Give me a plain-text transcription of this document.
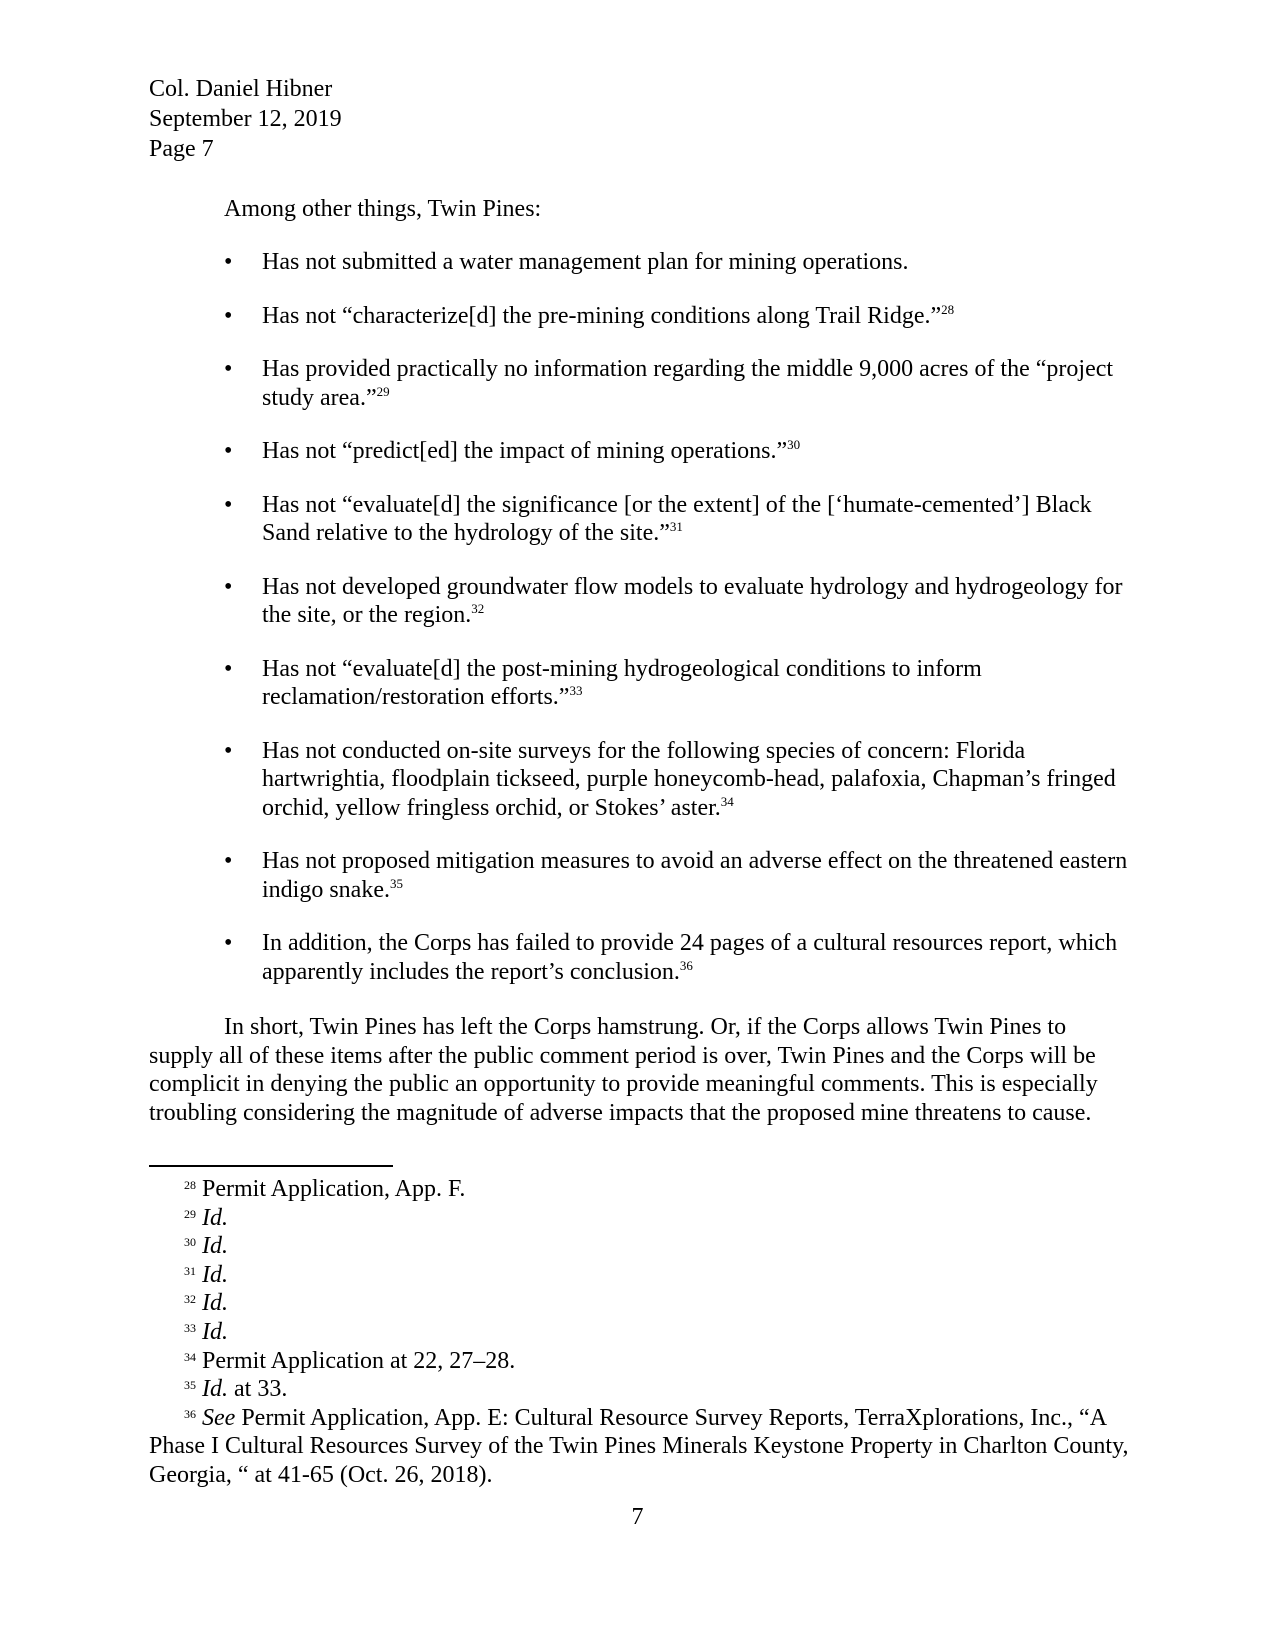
Col. Daniel Hibner
September 12, 2019
Page 7
Among other things, Twin Pines:
• Has not submitted a water management plan for mining operations.
• Has not “characterize[d] the pre-mining conditions along Trail Ridge.”$^{28}$
• Has provided practically no information regarding the middle 9,000 acres of the “project study area.”$^{29}$
• Has not “predict[ed] the impact of mining operations.”$^{30}$
• Has not “evaluate[d] the significance [or the extent] of the [‘humate-cemented’] Black Sand relative to the hydrology of the site.”$^{31}$
• Has not developed groundwater flow models to evaluate hydrology and hydrogeology for the site, or the region.$^{32}$
• Has not “evaluate[d] the post-mining hydrogeological conditions to inform reclamation/restoration efforts.”$^{33}$
• Has not conducted on-site surveys for the following species of concern: Florida hartwrightia, floodplain tickseed, purple honeycomb-head, palafoxia, Chapman’s fringed orchid, yellow fringless orchid, or Stokes’ aster.$^{34}$
• Has not proposed mitigation measures to avoid an adverse effect on the threatened eastern indigo snake.$^{35}$
• In addition, the Corps has failed to provide 24 pages of a cultural resources report, which apparently includes the report’s conclusion.$^{36}$

In short, Twin Pines has left the Corps hamstrung. Or, if the Corps allows Twin Pines to supply all of these items after the public comment period is over, Twin Pines and the Corps will be complicit in denying the public an opportunity to provide meaningful comments. This is especially troubling considering the magnitude of adverse impacts that the proposed mine threatens to cause.

$^{28}$ Permit Application, App. F.
$^{29}$ Id.
$^{30}$ Id.
$^{31}$ Id.
$^{32}$ Id.
$^{33}$ Id.
$^{34}$ Permit Application at 22, 27–28.
$^{35}$ Id. at 33.
$^{36}$ See Permit Application, App. E: Cultural Resource Survey Reports, TerraXplorations, Inc., “A Phase I Cultural Resources Survey of the Twin Pines Minerals Keystone Property in Charlton County, Georgia, “ at 41-65 (Oct. 26, 2018).
7
